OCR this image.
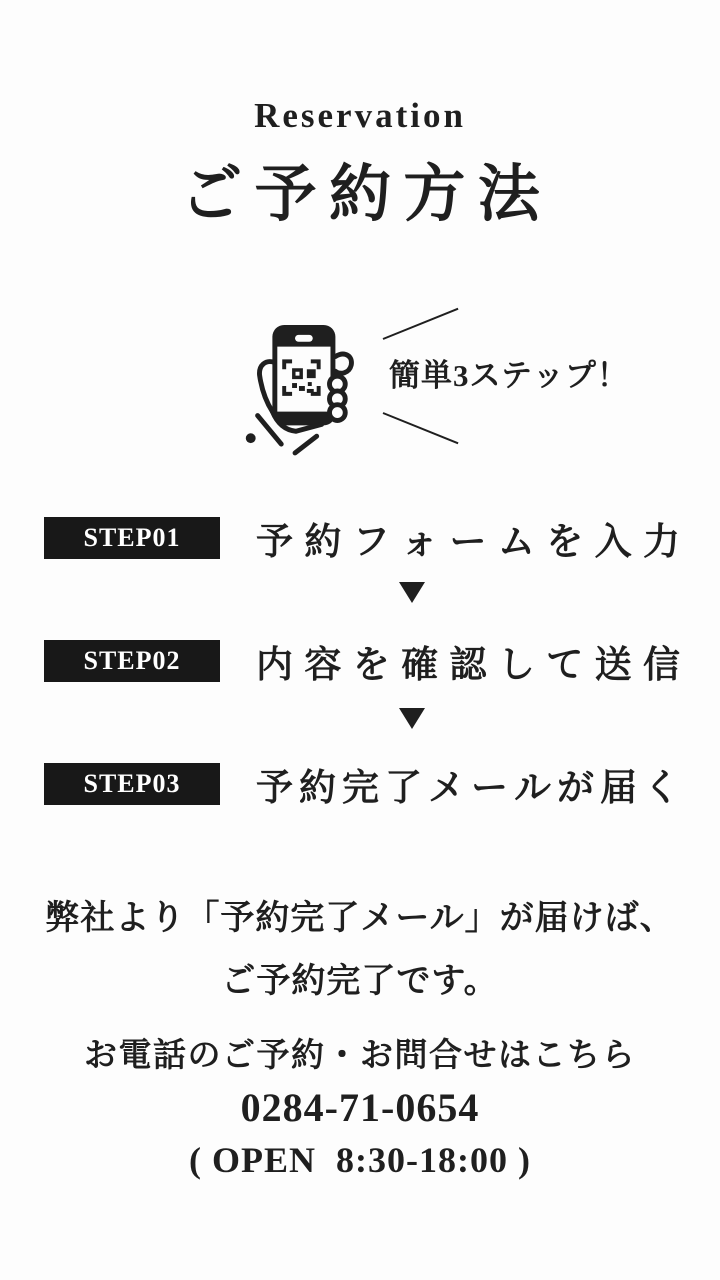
Reservation
ご予約方法
簡単3ステップ！
STEP01	予 約 フ ォ ー ム を 入 力
STEP02	内 容 を 確 認 し て 送 信
STEP03	予 約 完 了 メ ー ル が 届 く
弊社より「予約完了メール」が届けば、
ご予約完了です。
お電話のご予約・お問合せはこちら
0284-71-0654
( OPEN  8:30-18:00 )
